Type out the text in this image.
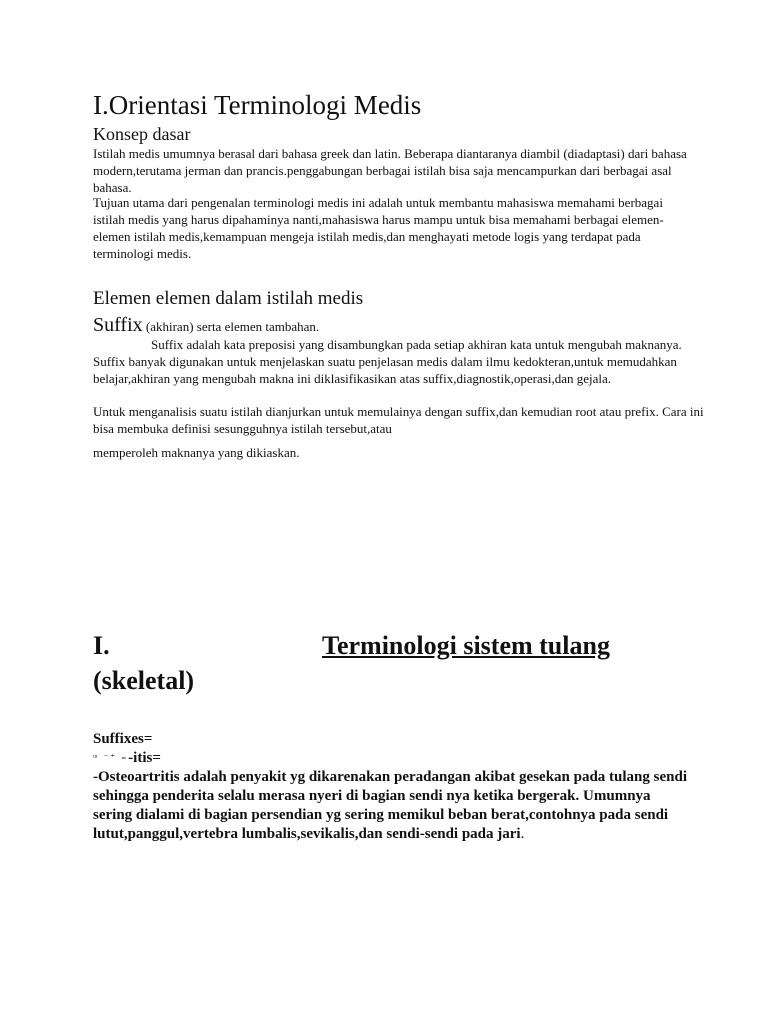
I.Orientasi Terminologi Medis
Konsep dasar

Istilah medis umumnya berasal dari bahasa greek dan latin. Beberapa diantaranya diambil (diadaptasi) dari bahasa modern,terutama jerman dan prancis.penggabungan berbagai istilah bisa saja mencampurkan dari berbagai asal bahasa.

Tujuan utama dari pengenalan terminologi medis ini adalah untuk membantu mahasiswa memahami berbagai istilah medis yang harus dipahaminya nanti,mahasiswa harus mampu untuk bisa memahami berbagai elemen-elemen istilah medis,kemampuan mengeja istilah medis,dan menghayati metode logis yang terdapat pada terminologi medis.

Elemen elemen dalam istilah medis

Suffix (akhiran) serta elemen tambahan.

Suffix adalah kata preposisi yang disambungkan pada setiap akhiran kata untuk mengubah maknanya. Suffix banyak digunakan untuk menjelaskan suatu penjelasan medis dalam ilmu kedokteran,untuk memudahkan belajar,akhiran yang mengubah makna ini diklasifikasikan atas suffix,diagnostik,operasi,dan gejala.

Untuk menganalisis suatu istilah dianjurkan untuk memulainya dengan suffix,dan kemudian root atau prefix. Cara ini bisa membuka definisi sesungguhnya istilah tersebut,atau

memperoleh maknanya yang dikiaskan.

I.	Terminologi sistem tulang

(skeletal)

Suffixes=

ᵚ ⁻⁺ ₌-itis=

-Osteoartritis adalah penyakit yg dikarenakan peradangan akibat gesekan pada tulang sendi sehingga penderita selalu merasa nyeri di bagian sendi nya ketika bergerak. Umumnya sering dialami di bagian persendian yg sering memikul beban berat,contohnya pada sendi lutut,panggul,vertebra lumbalis,sevikalis,dan sendi-sendi pada jari.
